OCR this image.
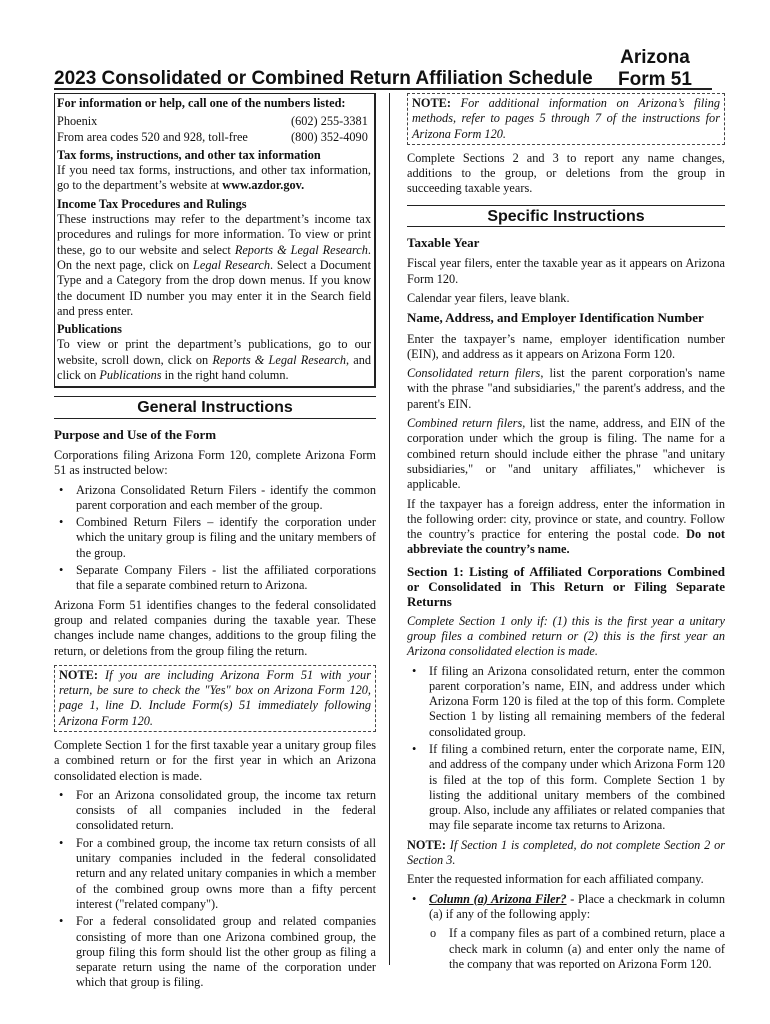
Arizona Form 51
2023 Consolidated or Combined Return Affiliation Schedule

For information or help, call one of the numbers listed:

Phoenix	(602) 255-3381
From area codes 520 and 928, toll-free	(800) 352-4090

Tax forms, instructions, and other tax information

If you need tax forms, instructions, and other tax information, go to the department’s website at www.azdor.gov.

Income Tax Procedures and Rulings

These instructions may refer to the department’s income tax procedures and rulings for more information. To view or print these, go to our website and select Reports & Legal Research. On the next page, click on Legal Research. Select a Document Type and a Category from the drop down menus. If you know the document ID number you may enter it in the Search field and press enter.

Publications

To view or print the department’s publications, go to our website, scroll down, click on Reports & Legal Research, and click on Publications in the right hand column.

General Instructions
Purpose and Use of the Form

Corporations filing Arizona Form 120, complete Arizona Form 51 as instructed below:

• Arizona Consolidated Return Filers - identify the common parent corporation and each member of the group.
• Combined Return Filers – identify the corporation under which the unitary group is filing and the unitary members of the group.
• Separate Company Filers - list the affiliated corporations that file a separate combined return to Arizona.

Arizona Form 51 identifies changes to the federal consolidated group and related companies during the taxable year. These changes include name changes, additions to the group filing the return, or deletions from the group filing the return.

NOTE: If you are including Arizona Form 51 with your return, be sure to check the "Yes" box on Arizona Form 120, page 1, line D. Include Form(s) 51 immediately following Arizona Form 120.

Complete Section 1 for the first taxable year a unitary group files a combined return or for the first year in which an Arizona consolidated election is made.

• For an Arizona consolidated group, the income tax return consists of all companies included in the federal consolidated return.
• For a combined group, the income tax return consists of all unitary companies included in the federal consolidated return and any related unitary companies in which a member of the combined group owns more than a fifty percent interest ("related company").
• For a federal consolidated group and related companies consisting of more than one Arizona combined group, the group filing this form should list the other group as filing a separate return using the name of the corporation under which that group is filing.

NOTE: For additional information on Arizona’s filing methods, refer to pages 5 through 7 of the instructions for Arizona Form 120.

Complete Sections 2 and 3 to report any name changes, additions to the group, or deletions from the group in succeeding taxable years.

Specific Instructions
Taxable Year

Fiscal year filers, enter the taxable year as it appears on Arizona Form 120.

Calendar year filers, leave blank.

Name, Address, and Employer Identification Number

Enter the taxpayer’s name, employer identification number (EIN), and address as it appears on Arizona Form 120.

Consolidated return filers, list the parent corporation's name with the phrase "and subsidiaries," the parent's address, and the parent's EIN.

Combined return filers, list the name, address, and EIN of the corporation under which the group is filing. The name for a combined return should include either the phrase "and unitary subsidiaries," or "and unitary affiliates," whichever is applicable.

If the taxpayer has a foreign address, enter the information in the following order: city, province or state, and country. Follow the country’s practice for entering the postal code. Do not abbreviate the country’s name.

Section 1: Listing of Affiliated Corporations Combined or Consolidated in This Return or Filing Separate Returns

Complete Section 1 only if: (1) this is the first year a unitary group files a combined return or (2) this is the first year an Arizona consolidated election is made.

• If filing an Arizona consolidated return, enter the common parent corporation’s name, EIN, and address under which Arizona Form 120 is filed at the top of this form. Complete Section 1 by listing all remaining members of the federal consolidated group.
• If filing a combined return, enter the corporate name, EIN, and address of the company under which Arizona Form 120 is filed at the top of this form. Complete Section 1 by listing the additional unitary members of the combined group. Also, include any affiliates or related companies that may file separate income tax returns to Arizona.

NOTE: If Section 1 is completed, do not complete Section 2 or Section 3.

Enter the requested information for each affiliated company.

• Column (a) Arizona Filer? - Place a checkmark in column (a) if any of the following apply:
o If a company files as part of a combined return, place a check mark in column (a) and enter only the name of the company that was reported on Arizona Form 120.
